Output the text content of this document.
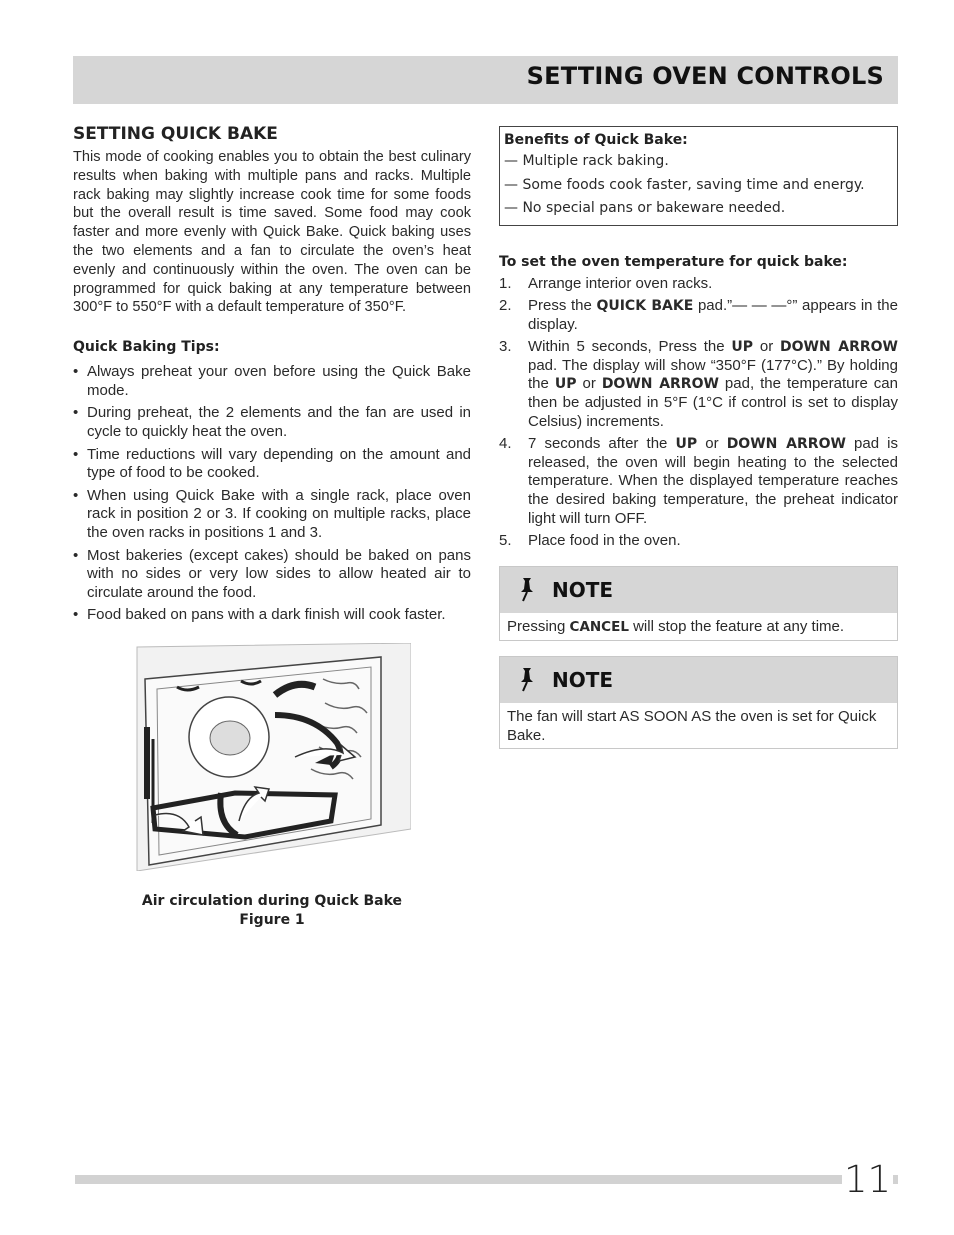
SETTING OVEN CONTROLS
SETTING QUICK BAKE

This mode of cooking enables you to obtain the best culinary results when baking with multiple pans and racks. Multiple rack baking may slightly increase cook time for some foods but the overall result is time saved. Some food may cook faster and more evenly with Quick Bake. Quick baking uses the two elements and a fan to circulate the oven’s heat evenly and continuously within the oven. The oven can be programmed for quick baking at any temperature between 300°F to 550°F with a default temperature of 350°F.

Quick Baking Tips:
• Always preheat your oven before using the Quick Bake mode.
• During preheat, the 2 elements and the fan are used in cycle to quickly heat the oven.
• Time reductions will vary depending on the amount and type of food to be cooked.
• When using Quick Bake with a single rack, place oven rack in position 2 or 3. If cooking on multiple racks, place the oven racks in positions 1 and 3.
• Most bakeries (except cakes) should be baked on pans with no sides or very low sides to allow heated air to circulate around the food.
• Food baked on pans with a dark finish will cook faster.
Air circulation during Quick Bake
Figure 1
Benefits of Quick Bake:
— Multiple rack baking.
— Some foods cook faster, saving time and energy.
— No special pans or bakeware needed.
To set the oven temperature for quick bake:
1. Arrange interior oven racks.
2. Press the QUICK BAKE pad.”— — —°” appears in the display.
3. Within 5 seconds, Press the UP or DOWN ARROW pad. The display will show “350°F (177°C).” By holding the UP or DOWN ARROW pad, the temperature can then be adjusted in 5°F (1°C if control is set to display Celsius) increments.
4. 7 seconds after the UP or DOWN ARROW pad is released, the oven will begin heating to the selected temperature. When the displayed temperature reaches the desired baking temperature, the preheat indicator light will turn OFF.
5. Place food in the oven.
NOTE
Pressing CANCEL will stop the feature at any time.
NOTE
The fan will start AS SOON AS the oven is set for Quick Bake.
11
